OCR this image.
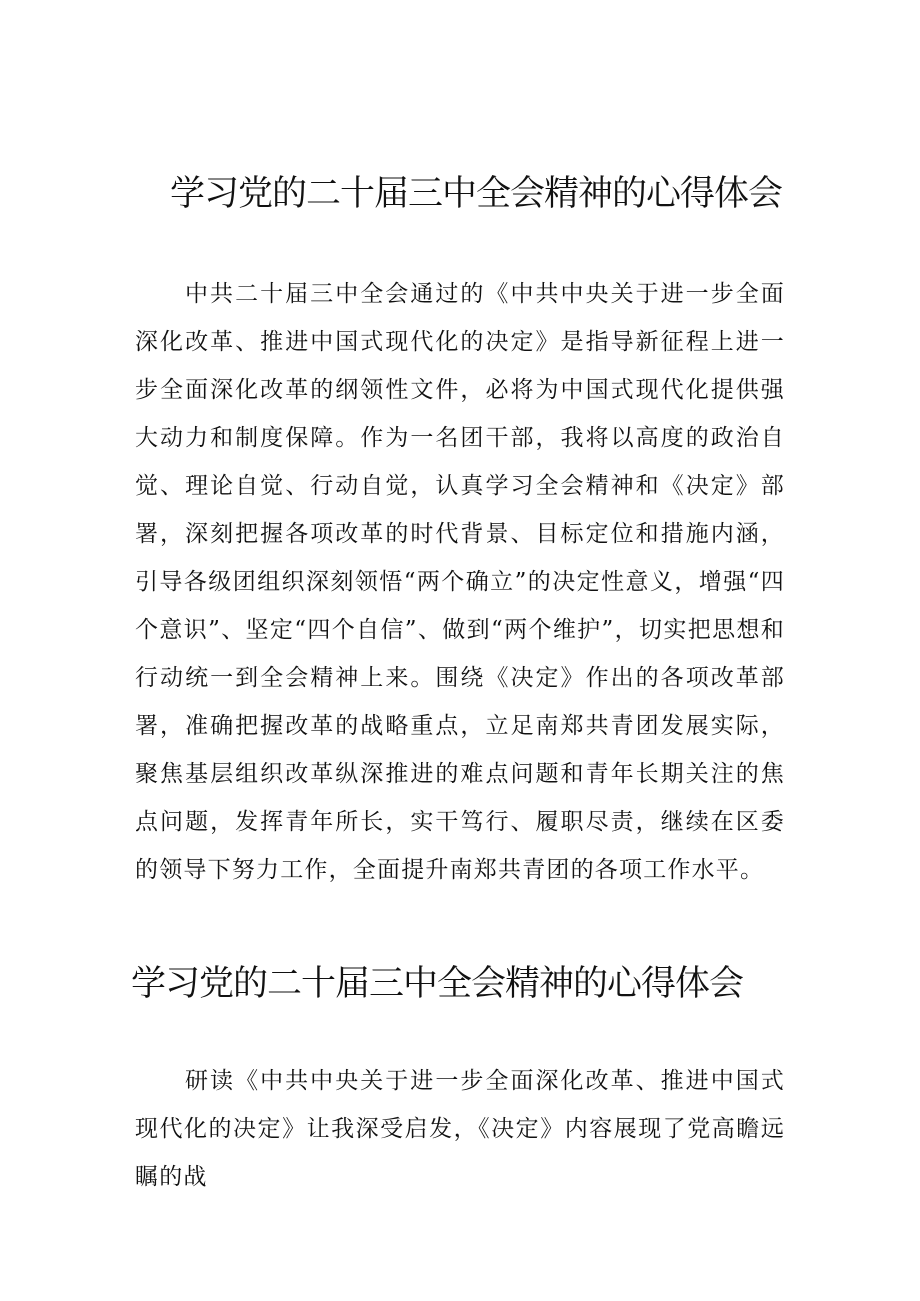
学习党的二十届三中全会精神的心得体会

中共二十届三中全会通过的《中共中央关于进一步全面深化改革、推进中国式现代化的决定》是指导新征程上进一步全面深化改革的纲领性文件，必将为中国式现代化提供强大动力和制度保障。作为一名团干部，我将以高度的政治自觉、理论自觉、行动自觉，认真学习全会精神和《决定》部署，深刻把握各项改革的时代背景、目标定位和措施内涵，引导各级团组织深刻领悟“两个确立”的决定性意义，增强“四个意识”、坚定“四个自信”、做到“两个维护”，切实把思想和行动统一到全会精神上来。围绕《决定》作出的各项改革部署，准确把握改革的战略重点，立足南郑共青团发展实际，聚焦基层组织改革纵深推进的难点问题和青年长期关注的焦点问题，发挥青年所长，实干笃行、履职尽责，继续在区委的领导下努力工作，全面提升南郑共青团的各项工作水平。

学习党的二十届三中全会精神的心得体会

研读《中共中央关于进一步全面深化改革、推进中国式现代化的决定》让我深受启发，《决定》内容展现了党高瞻远瞩的战
